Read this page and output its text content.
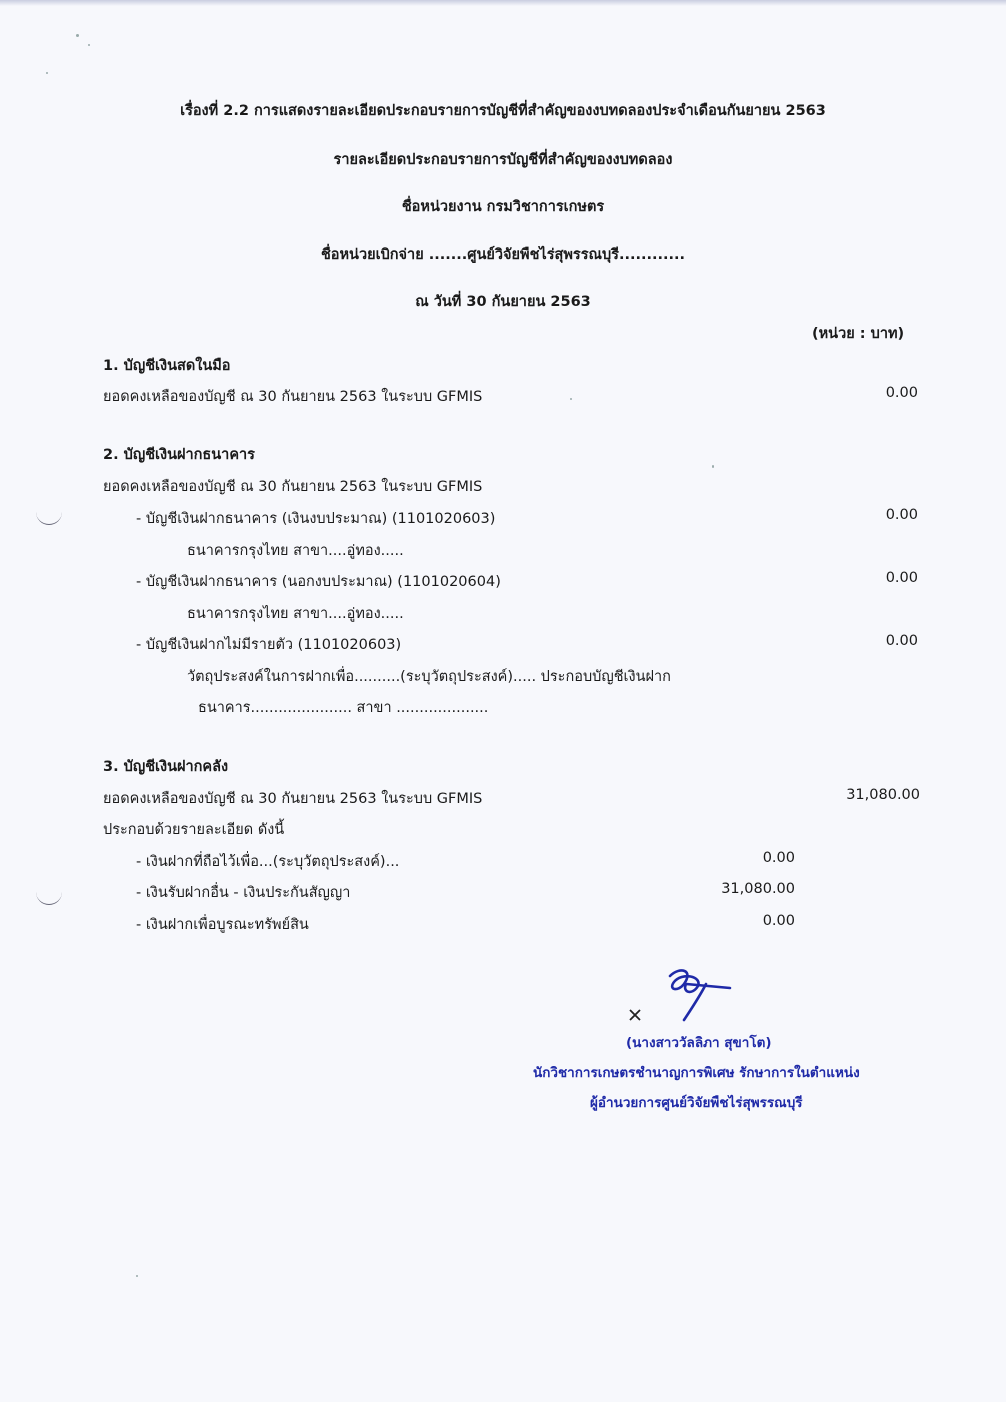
เรื่องที่ 2.2 การแสดงรายละเอียดประกอบรายการบัญชีที่สำคัญของงบทดลองประจำเดือนกันยายน 2563
รายละเอียดประกอบรายการบัญชีที่สำคัญของงบทดลอง
ชื่อหน่วยงาน กรมวิชาการเกษตร
ชื่อหน่วยเบิกจ่าย .......ศูนย์วิจัยพืชไร่สุพรรณบุรี............
ณ วันที่ 30 กันยายน 2563
(หน่วย : บาท)
1. บัญชีเงินสดในมือ
ยอดคงเหลือของบัญชี ณ 30 กันยายน 2563 ในระบบ GFMIS	0.00
2. บัญชีเงินฝากธนาคาร
ยอดคงเหลือของบัญชี ณ 30 กันยายน 2563 ในระบบ GFMIS
- บัญชีเงินฝากธนาคาร (เงินงบประมาณ) (1101020603)	0.00
ธนาคารกรุงไทย สาขา....อู่ทอง.....
- บัญชีเงินฝากธนาคาร (นอกงบประมาณ) (1101020604)	0.00
ธนาคารกรุงไทย สาขา....อู่ทอง.....
- บัญชีเงินฝากไม่มีรายตัว (1101020603)	0.00
วัตถุประสงค์ในการฝากเพื่อ..........(ระบุวัตถุประสงค์)..... ประกอบบัญชีเงินฝาก
ธนาคาร...................... สาขา ....................
3. บัญชีเงินฝากคลัง
ยอดคงเหลือของบัญชี ณ 30 กันยายน 2563 ในระบบ GFMIS	31,080.00
ประกอบด้วยรายละเอียด ดังนี้
- เงินฝากที่ถือไว้เพื่อ...(ระบุวัตถุประสงค์)...	0.00
- เงินรับฝากอื่น - เงินประกันสัญญา	31,080.00
- เงินฝากเพื่อบูรณะทรัพย์สิน	0.00
(นางสาววัลลิภา สุขาโต)
นักวิชาการเกษตรชำนาญการพิเศษ รักษาการในตำแหน่ง
ผู้อำนวยการศูนย์วิจัยพืชไร่สุพรรณบุรี
